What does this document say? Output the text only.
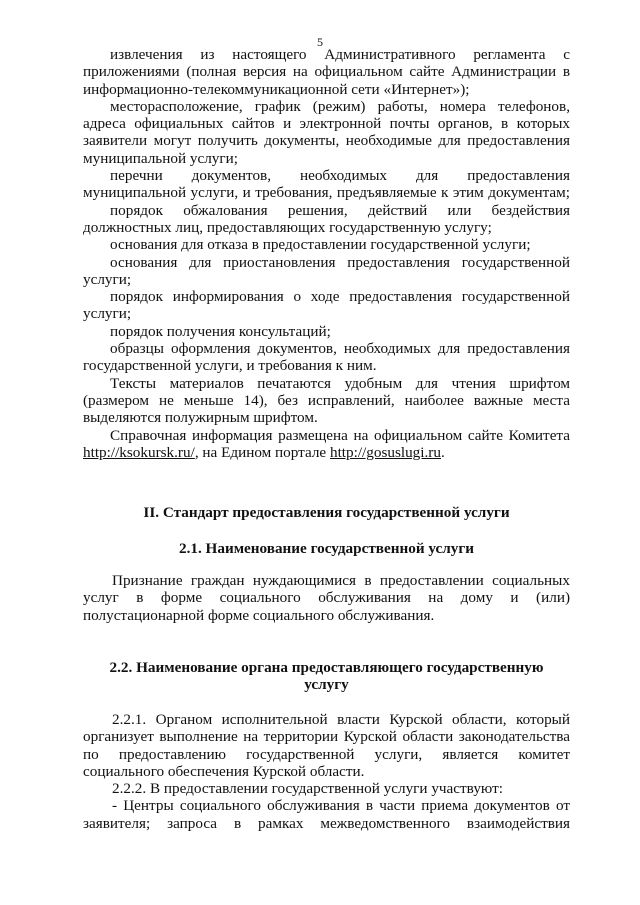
5

извлечения из настоящего Административного регламента с

приложениями (полная версия на официальном сайте Администрации в

информационно-телекоммуникационной сети «Интернет»);

месторасположение, график (режим) работы, номера телефонов,

адреса официальных сайтов и электронной почты органов, в которых

заявители могут получить документы, необходимые для предоставления

муниципальной услуги;

перечни документов, необходимых для предоставления

муниципальной услуги, и требования, предъявляемые к этим документам;

порядок обжалования решения, действий или бездействия

должностных лиц, предоставляющих государственную услугу;

основания для отказа в предоставлении государственной услуги;

основания для приостановления предоставления государственной

услуги;

порядок информирования о ходе предоставления государственной

услуги;

порядок получения консультаций;

образцы оформления документов, необходимых для предоставления

государственной услуги, и требования к ним.

Тексты материалов печатаются удобным для чтения шрифтом

(размером не меньше 14), без исправлений, наиболее важные места

выделяются полужирным шрифтом.

Справочная информация размещена на официальном сайте Комитета

http://ksokursk.ru/, на Едином портале http://gosuslugi.ru.

II. Стандарт предоставления государственной услуги
2.1. Наименование государственной услуги

Признание граждан нуждающимися в предоставлении социальных

услуг в форме социального обслуживания на дому и (или)

полустационарной форме социального обслуживания.

2.2. Наименование органа предоставляющего государственную

услугу

2.2.1. Органом исполнительной власти Курской области, который

организует выполнение на территории Курской области законодательства

по предоставлению государственной услуги, является комитет

социального обеспечения Курской области.

2.2.2. В предоставлении государственной услуги участвуют:

- Центры социального обслуживания в части приема документов от

заявителя; запроса в рамках межведомственного взаимодействия
